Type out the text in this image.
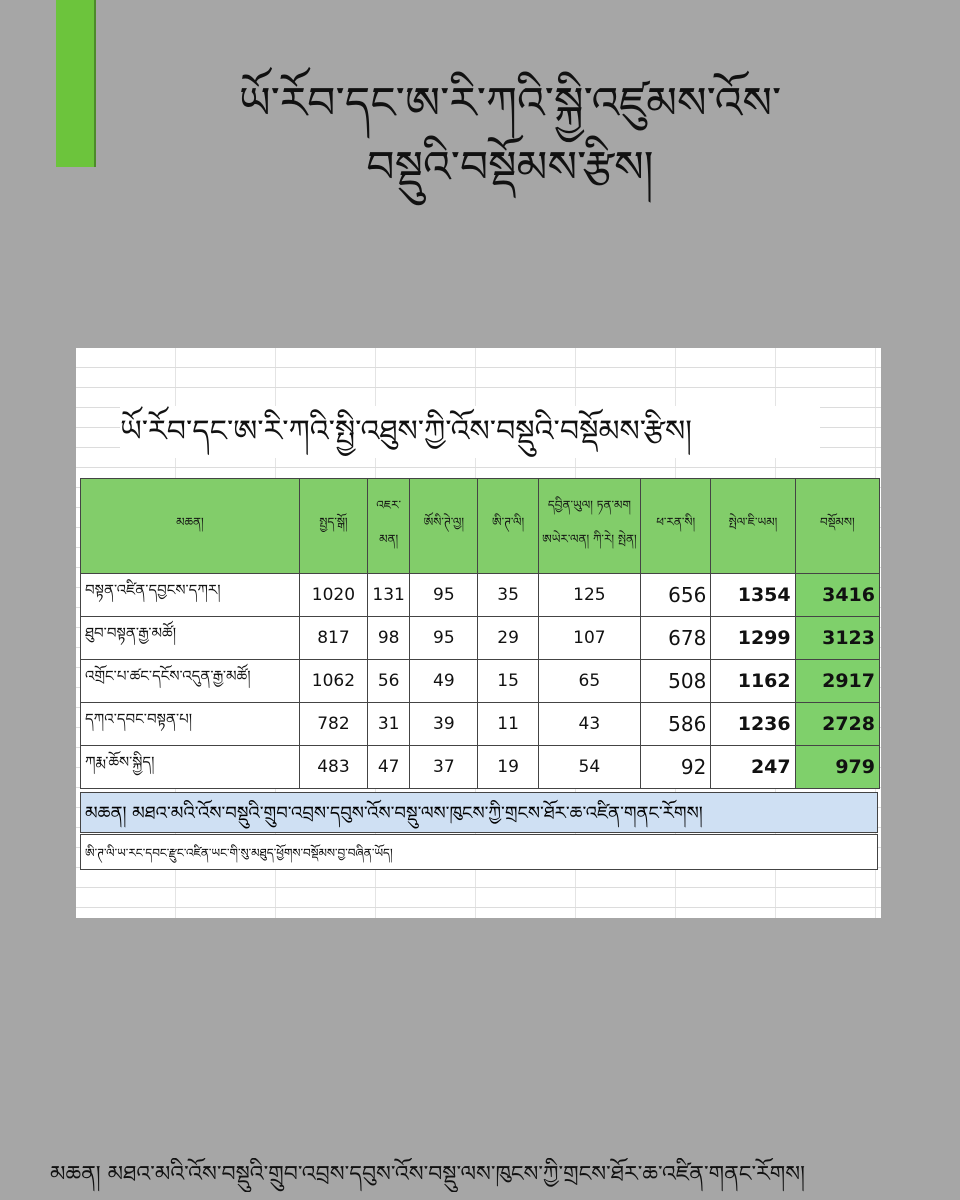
ཡོ་རོབ་དང་ཨ་རི་ཀའི་སྐྱི་འཛུམས་འོས་
བསྡུའི་བསྡོམས་རྩིས།
ཡོ་རོབ་དང་ཨ་རི་ཀའི་སྤྱི་འཐུས་ཀྱི་འོས་བསྡུའི་བསྡོམས་རྩིས།
མཆན།	སྤྱད་སྒོ།	འཇར་མན།	ཨོསི་ཊེ་ལྱ།	ཨི་ཊ་ལི།	དབྱིན་ཡུལ། ཏན་མག ཨཡེར་ལན། ཀི་རེ། སྤེན།	ཕ་རན་སི།	སྤེལ་ཇི་ཡམ།	བསྡོམས།
བསྟན་འཛིན་དབྱངས་དཀར།	1020	131	95	35	125	656	1354	3416
ཐུབ་བསྟན་རྒྱ་མཚོ།	817	98	95	29	107	678	1299	3123
འགྲོང་པ་ཚང་དངོས་འདུན་རྒྱ་མཚོ།	1062	56	49	15	65	508	1162	2917
དཀའ་དབང་བསྟན་པ།	782	31	39	11	43	586	1236	2728
ཀརྨ་ཆོས་སྐྱིད།	483	47	37	19	54	92	247	979
མཆན། མཐའ་མའི་འོས་བསྡུའི་གྲུབ་འབྲས་དབུས་འོས་བསྡུ་ལས་ཁུངས་ཀྱི་གྲངས་ཐོར་ཆ་འཛིན་གནང་རོགས།
ཨི་ཊ་ལི་ཡ་རང་དབང་རྫུང་འཛིན་ཡང་གི་སུ་མཐུད་ཕྱོགས་བསྡོམས་བྱ་བཞིན་ཡོད།
མཆན། མཐའ་མའི་འོས་བསྡུའི་གྲུབ་འབྲས་དབུས་འོས་བསྡུ་ལས་ཁུངས་ཀྱི་གྲངས་ཐོར་ཆ་འཛིན་གནང་རོགས།
